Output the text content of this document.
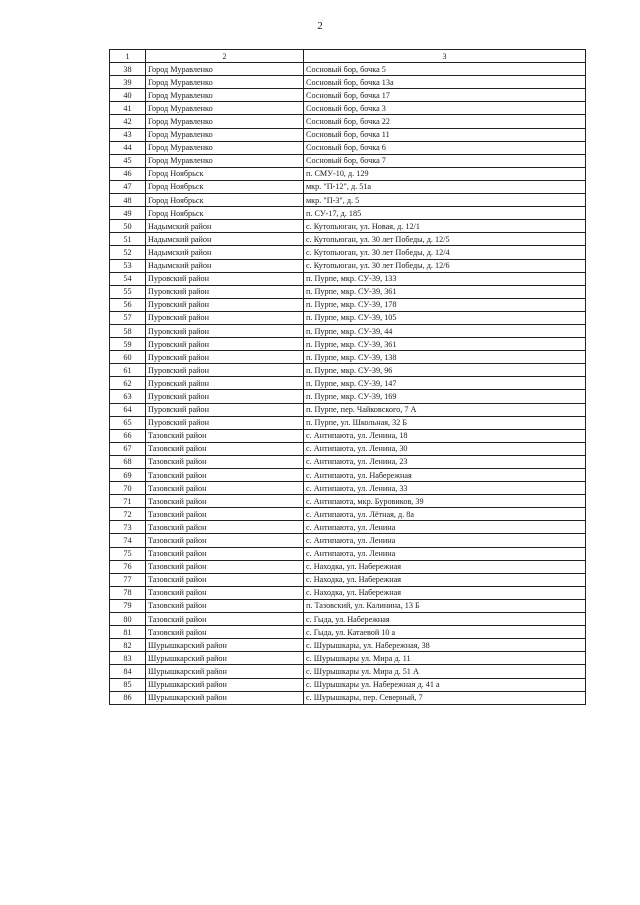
2
1	2	3
38	Город Муравленко	Сосновый бор, бочка 5
39	Город Муравленко	Сосновый бор, бочка 13а
40	Город Муравленко	Сосновый бор, бочка 17
41	Город Муравленко	Сосновый бор, бочка 3
42	Город Муравленко	Сосновый бор, бочка 22
43	Город Муравленко	Сосновый бор, бочка 11
44	Город Муравленко	Сосновый бор, бочка 6
45	Город Муравленко	Сосновый бор, бочка 7
46	Город Ноябрьск	п. СМУ-10, д. 129
47	Город Ноябрьск	мкр. "П-12", д. 51а
48	Город Ноябрьск	мкр. "П-3", д. 5
49	Город Ноябрьск	п. СУ-17, д. 185
50	Надымский район	с. Кутопьюган, ул. Новая, д. 12/1
51	Надымский район	с. Кутопьюган, ул. 30 лет Победы, д. 12/5
52	Надымский район	с. Кутопьюган, ул. 30 лет Победы, д. 12/4
53	Надымский район	с. Кутопьюган, ул. 30 лет Победы, д. 12/6
54	Пуровский район	п. Пурпе, мкр. СУ-39, 133
55	Пуровский район	п. Пурпе, мкр. СУ-39, 361
56	Пуровский район	п. Пурпе, мкр. СУ-39, 178
57	Пуровский район	п. Пурпе, мкр. СУ-39, 105
58	Пуровский район	п. Пурпе, мкр. СУ-39, 44
59	Пуровский район	п. Пурпе, мкр. СУ-39, 361
60	Пуровский район	п. Пурпе, мкр. СУ-39, 138
61	Пуровский район	п. Пурпе, мкр. СУ-39, 96
62	Пуровский район	п. Пурпе, мкр. СУ-39, 147
63	Пуровский район	п. Пурпе, мкр. СУ-39, 169
64	Пуровский район	п. Пурпе, пер. Чайковского, 7 А
65	Пуровский район	п. Пурпе, ул. Школьная, 32 Б
66	Тазовский район	с. Антипаюта, ул. Ленина, 18
67	Тазовский район	с. Антипаюта, ул. Ленина, 30
68	Тазовский район	с. Антипаюта, ул. Ленина, 23
69	Тазовский район	с. Антипаюта, ул. Набережная
70	Тазовский район	с. Антипаюта, ул. Ленина, 33
71	Тазовский район	с. Антипаюта, мкр. Буровиков, 39
72	Тазовский район	с. Антипаюта, ул. Лётная, д. 8а
73	Тазовский район	с. Антипаюта, ул. Ленина
74	Тазовский район	с. Антипаюта, ул. Ленина
75	Тазовский район	с. Антипаюта, ул. Ленина
76	Тазовский район	с. Находка, ул. Набережная
77	Тазовский район	с. Находка, ул. Набережная
78	Тазовский район	с. Находка, ул. Набережная
79	Тазовский район	п. Тазовский, ул. Калинина, 13 Б
80	Тазовский район	с. Гыда, ул. Набережная
81	Тазовский район	с. Гыда, ул. Катаевой 10 а
82	Шурышкарский район	с. Шурышкары, ул. Набережная, 38
83	Шурышкарский район	с. Шурышкары ул. Мира д. 11
84	Шурышкарский район	с. Шурышкары ул. Мира д. 51 А
85	Шурышкарский район	с. Шурышкары ул. Набережная д. 41 а
86	Шурышкарский район	с. Шурышкары, пер. Северный, 7
